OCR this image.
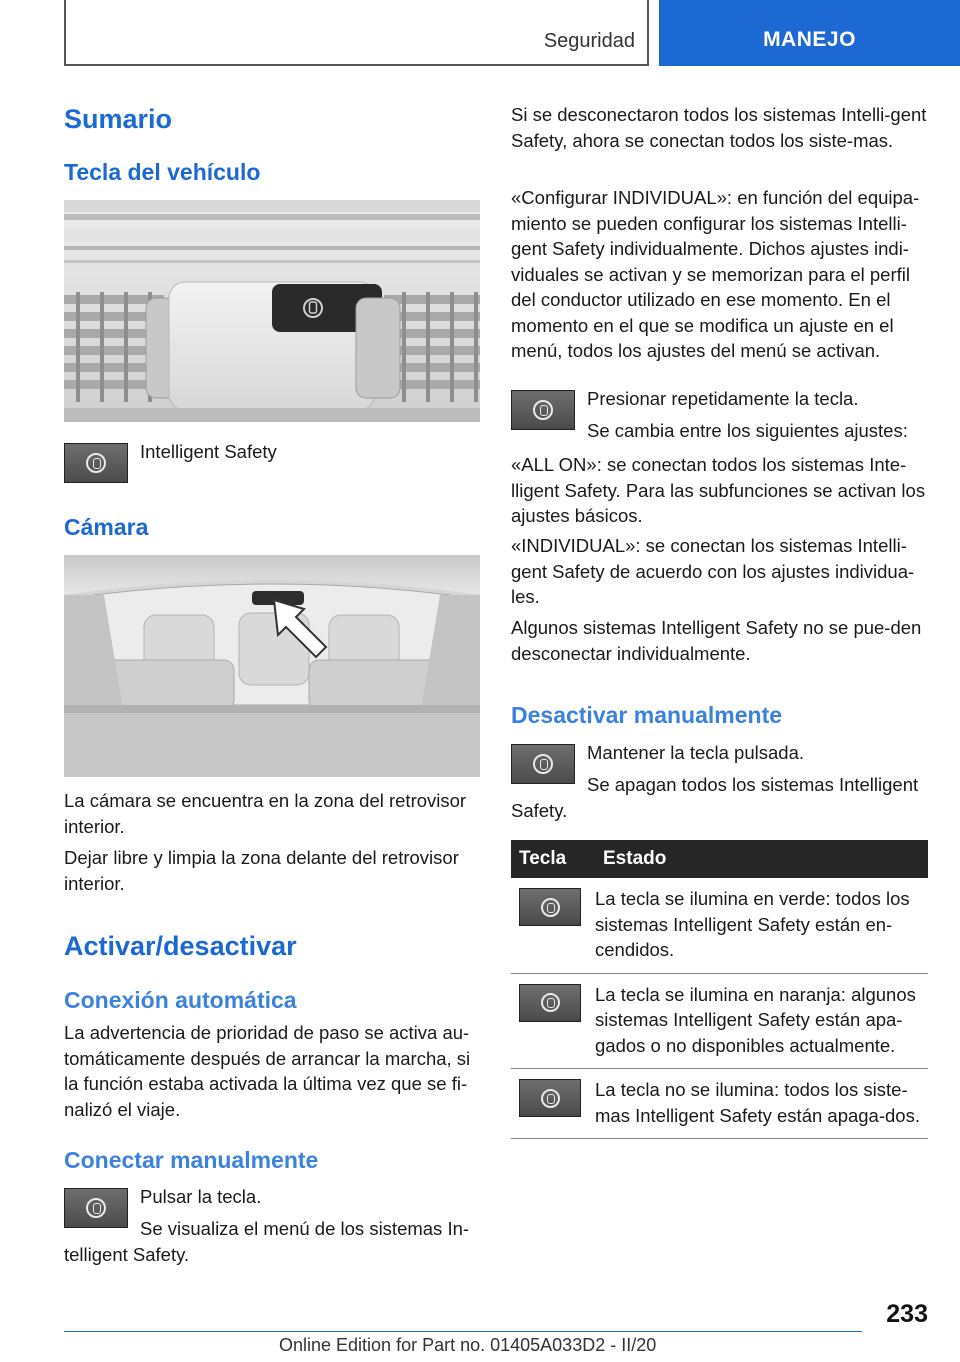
Seguridad	MANEJO
Sumario
Tecla del vehículo
Intelligent Safety
Cámara
La cámara se encuentra en la zona del retrovisor interior.
Dejar libre y limpia la zona delante del retrovisor interior.
Activar/desactivar
Conexión automática
La advertencia de prioridad de paso se activa au‐tomáticamente después de arrancar la marcha, si la función estaba activada la última vez que se fi‐nalizó el viaje.
Conectar manualmente
Pulsar la tecla.
Se visualiza el menú de los sistemas In‐telligent Safety.
Si se desconectaron todos los sistemas Intelli‐gent Safety, ahora se conectan todos los siste‐mas.
«Configurar INDIVIDUAL»: en función del equipa‐miento se pueden configurar los sistemas Intelli‐gent Safety individualmente. Dichos ajustes indi‐viduales se activan y se memorizan para el perfil del conductor utilizado en ese momento. En el momento en el que se modifica un ajuste en el menú, todos los ajustes del menú se activan.
Presionar repetidamente la tecla.
Se cambia entre los siguientes ajustes:
«ALL ON»: se conectan todos los sistemas Inte‐lligent Safety. Para las subfunciones se activan los ajustes básicos.
«INDIVIDUAL»: se conectan los sistemas Intelli‐gent Safety de acuerdo con los ajustes individua‐les.
Algunos sistemas Intelligent Safety no se pue‐den desconectar individualmente.
Desactivar manualmente
Mantener la tecla pulsada.
Se apagan todos los sistemas Intelligent Safety.
Tecla	Estado

	La tecla se ilumina en verde: todos los sistemas Intelligent Safety están en‐cendidos.

	La tecla se ilumina en naranja: algunos sistemas Intelligent Safety están apa‐gados o no disponibles actualmente.

	La tecla no se ilumina: todos los siste‐mas Intelligent Safety están apaga‐dos.
233
Online Edition for Part no. 01405A033D2 - II/20
